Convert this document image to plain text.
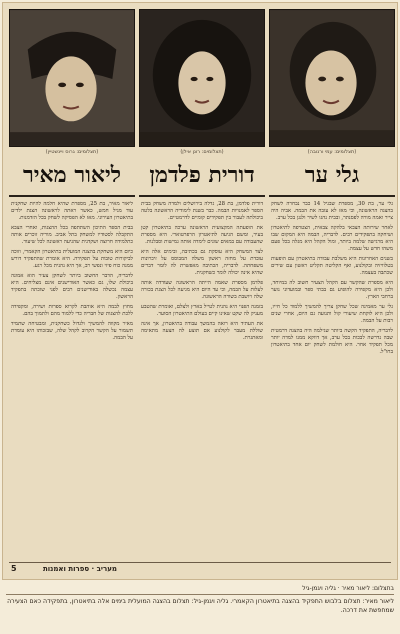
(תצלומים: עמי ורנובה)
גלי ער

גלי ער, בת 30, מספרת שבגיל 14 כבר נבחרה לשחק בהצגה הראשונה, וכי מאז לא עזבה את הבמה. אביה היה צייר ואמה מורה לפסנתר, ובבית נהגו לשיר ולנגן בכל ערב.

לאחר שירותה הצבאי בלהקה צבאית, הצטרפה לתיאטרון ושיחקה בתפקידים רבים. לדבריה, הבמה היא המקום שבו היא מרגישה שלמה ביותר, ומול הקהל היא מגלה בכל פעם משהו חדש על עצמה.

בשנים האחרונות היא משלבת עבודה בתיאטרון עם הופעות בטלוויזיה ובקולנוע, ואף הקליטה תקליט ראשון עם שירים שכתבה בעצמה.

היא מספרת שהקשר עם הקהל הצעיר חשוב לה במיוחד, ולכן היא מקפידה להופיע גם בבתי ספר ובמועדוני נוער ברחבי הארץ.

גלי ער מאמינה שכל שחקן צריך להמשיך ללמוד כל חייו, ולכן היא לוקחת שיעורי קול ותנועה גם היום, אחרי שנים רבות על הבמה.

לדבריה, התפקיד הקשה ביותר שגילמה היה בהצגה דרמטית שבה נדרשה לבכות בכל ערב, אך דווקא ממנו למדה יותר מכל תפקיד אחר. היא חולמת לשחק יום אחד בתיאטרון בחו"ל.

(תצלומים: רונן אילן)
דורית פלדמן

דורית פלדמן, בת 28, גדלה בירושלים ולמדה משחק בבית הספר לאמנויות הבמה. כבר בשנת לימודיה הראשונה בלטה ביכולתה לעבור בין תפקידים קומיים לדרמטיים.

את הופעתה המקצועית הראשונה ערכה בתיאטרון קטן בעיר, ומשם הגיעה לתיאטרון הרפרטוארי. היא מספרת שהעבודה עם במאים שונים לימדה אותה גמישות וסבלנות.

לצד המשחק היא עוסקת גם בכתיבה, ובימים אלה היא עובדת על מחזה ראשון משלה המבוסס על זיכרונות משפחתה. לדבריה, הכתיבה מאפשרת לה לומר דברים שהיא אינה יכולה לומר כשחקנית.

פלדמן מספרת שאמה הייתה הראשונה שעודדה אותה לעלות על הבמה, וכי עד היום היא מגיעה לכל הצגת בכורה שלה ויושבת בשורה הראשונה.

בזמנה הפנוי היא נהנית לטייל בארץ ולצלם, ואומרת שהטבע מעניק לה שקט שאינו קיים בעולם התיאטרון הסוער.

את העתיד היא רואה בהמשך עבודה בתיאטרון, אך אינה שוללת מעבר לקולנוע אם תוצע לה הצעה מתאימה ומאתגרת.

(תצלומים: גרוס ויינשטיין)
ליאור מאיר

ליאור מאיר, בת 25, מספרת שהיא חלמה להיות שחקנית עוד מגיל חמש, כאשר ראתה לראשונה הצגת ילדים בתיאטרון העירוני. מאז לא הפסיקה לשחק בכל הזדמנות.

בבית הספר התיכון השתתפה בכל ההצגות, ואחרי הצבא התקבלה לסטודיו למשחק בתל אביב. מוריה זוכרים אותה כתלמידה חרוצה ושקדנית שהגיעה ראשונה לכל שיעור.

כיום היא משחקת בהצגה המועלית בתיאטרון הקאמרי, וזוכה לביקורות טובות על תפקידה. היא אומרת שהתפקיד דורש ממנה כוח פיזי ונפשי רב, אך היא נהנית מכל רגע.

לדבריה, הדבר החשוב ביותר לשחקן צעיר הוא אמונה ביכולת שלו, גם כאשר האודישנים אינם מצליחים. היא עצמה נכשלה באודישנים רבים לפני שזכתה בתפקיד הראשון.

מחוץ לבמה היא אוהבת לקרוא ספרות ושירה, ומקפידה ללכת להצגות של חבריה כדי ללמוד מהם ולתמוך בהם.

מאיר מקווה להמשיך ולגדול כשחקנית, ומבטיחה שתמיד תשמור על הקשר הקרוב לקהל שלה, שבזכותו היא עומדת על הבמה.

5	מעריב · ספרות ואמנות
בתצלום: ליאור מאיר · גליה ויגמן-גיל
ליאור מאיר: תצלום בלבוש התפקיד בהצגה בתיאטרון הקאמרי. גליה ויגמן-גיל: תצלום בהצגה המועלית בימים אלה בתיאטרון, בתפקידה כאם הצעירה שמחפשת את דרכה.
